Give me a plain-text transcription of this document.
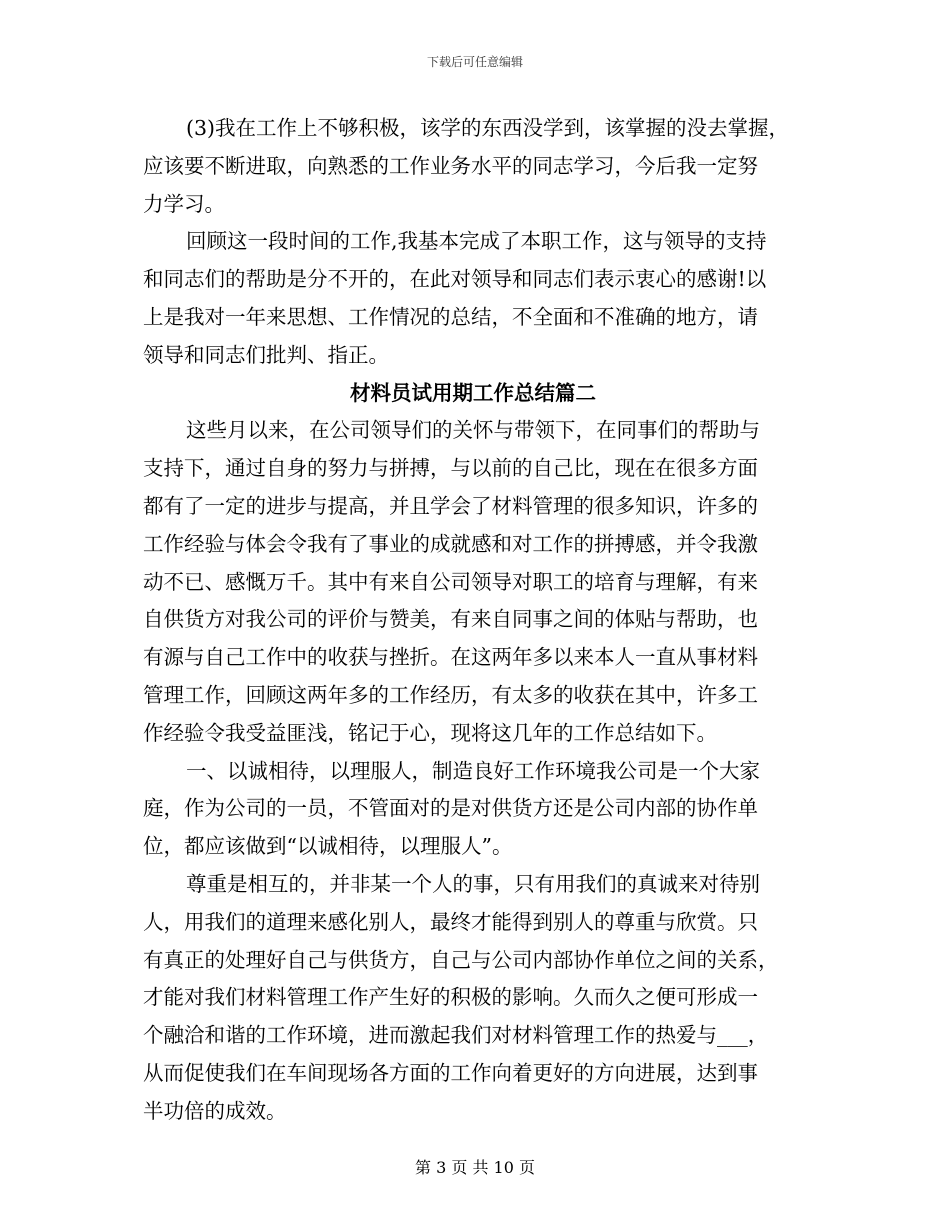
下载后可任意编辑
(3)我在工作上不够积极，该学的东西没学到，该掌握的没去掌握，
应该要不断进取，向熟悉的工作业务水平的同志学习，今后我一定努
力学习。
回顾这一段时间的工作,我基本完成了本职工作，这与领导的支持
和同志们的帮助是分不开的，在此对领导和同志们表示衷心的感谢!以
上是我对一年来思想、工作情况的总结，不全面和不准确的地方，请
领导和同志们批判、指正。
材料员试用期工作总结篇二
这些月以来，在公司领导们的关怀与带领下，在同事们的帮助与
支持下，通过自身的努力与拼搏，与以前的自己比，现在在很多方面
都有了一定的进步与提高，并且学会了材料管理的很多知识，许多的
工作经验与体会令我有了事业的成就感和对工作的拼搏感，并令我激
动不已、感慨万千。其中有来自公司领导对职工的培育与理解，有来
自供货方对我公司的评价与赞美，有来自同事之间的体贴与帮助，也
有源与自己工作中的收获与挫折。在这两年多以来本人一直从事材料
管理工作，回顾这两年多的工作经历，有太多的收获在其中，许多工
作经验令我受益匪浅，铭记于心，现将这几年的工作总结如下。
一、以诚相待，以理服人，制造良好工作环境我公司是一个大家
庭，作为公司的一员，不管面对的是对供货方还是公司内部的协作单
位，都应该做到“以诚相待，以理服人”。
尊重是相互的，并非某一个人的事，只有用我们的真诚来对待别
人，用我们的道理来感化别人，最终才能得到别人的尊重与欣赏。只
有真正的处理好自己与供货方，自己与公司内部协作单位之间的关系，
才能对我们材料管理工作产生好的积极的影响。久而久之便可形成一
个融洽和谐的工作环境，进而激起我们对材料管理工作的热爱与___，
从而促使我们在车间现场各方面的工作向着更好的方向进展，达到事
半功倍的成效。
第 3 页 共 10 页
